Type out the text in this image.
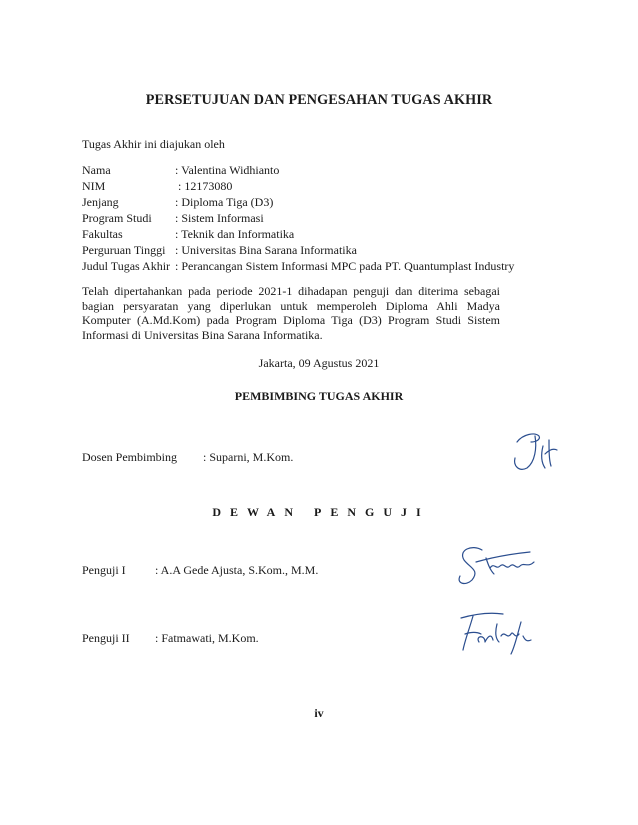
PERSETUJUAN DAN PENGESAHAN TUGAS AKHIR
Tugas Akhir ini diajukan oleh
Nama	: Valentina Widhianto
NIM	: 12173080
Jenjang	: Diploma Tiga (D3)
Program Studi : Sistem Informasi
Fakultas	: Teknik dan Informatika
Perguruan Tinggi : Universitas Bina Sarana Informatika
Judul Tugas Akhir : Perancangan Sistem Informasi MPC pada PT. Quantumplast Industry
Telah dipertahankan pada periode 2021-1 dihadapan penguji dan diterima sebagai
bagian persyaratan yang diperlukan untuk memperoleh Diploma Ahli Madya
Komputer (A.Md.Kom) pada Program Diploma Tiga (D3) Program Studi Sistem
Informasi di Universitas Bina Sarana Informatika.
Jakarta, 09 Agustus 2021
PEMBIMBING TUGAS AKHIR
Dosen Pembimbing : Suparni, M.Kom.
DEWAN PENGUJI
Penguji I : A.A Gede Ajusta, S.Kom., M.M.
Penguji II : Fatmawati, M.Kom.
iv
